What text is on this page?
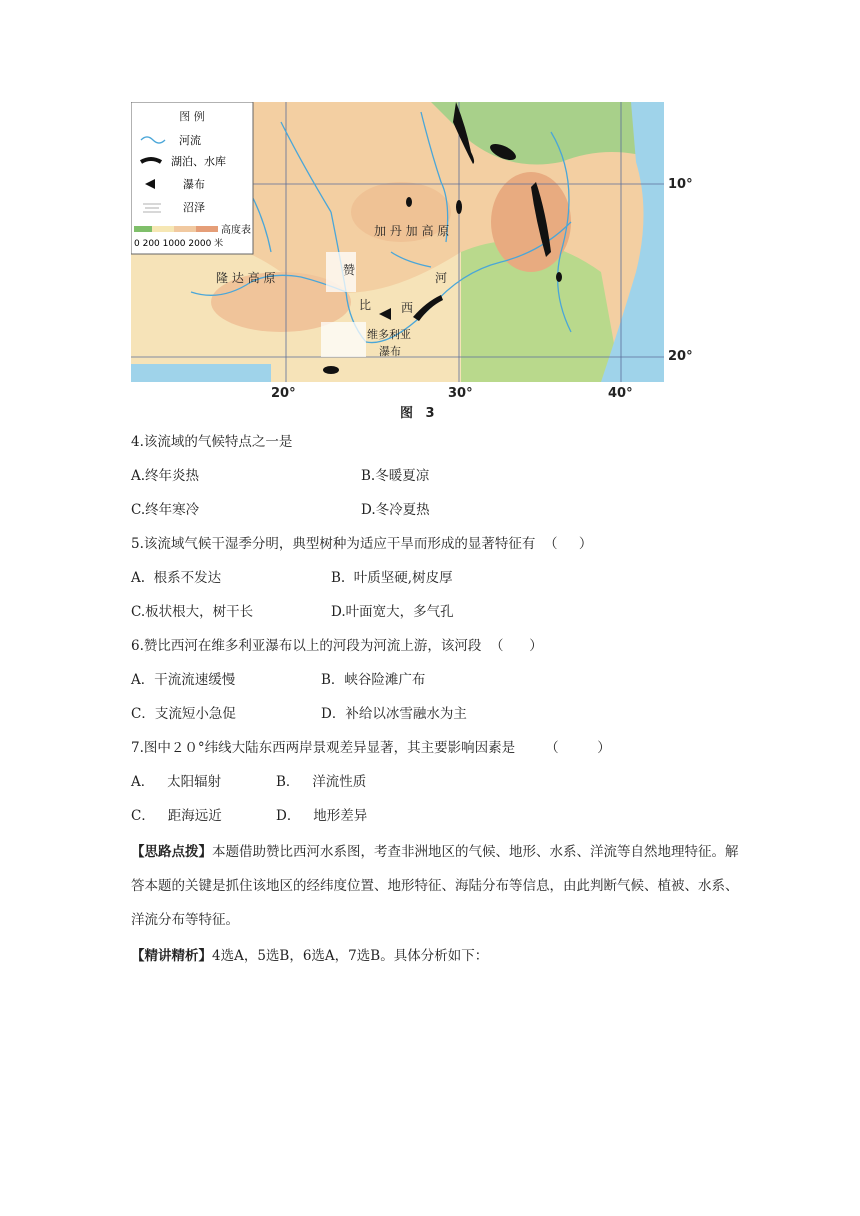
图 例
河流
湖泊、水库
瀑布
沼泽
高度表
0 200 1000 2000 米
加 丹 加 高 原
隆 达 高 原
赞
比 西
河
维多利亚
瀑布
10°
20°
20°	30°	40°
图 3
4.该流域的气候特点之一是
A.终年炎热	B.冬暖夏凉
C.终年寒冷	D.冬冷夏热
5.该流域气候干湿季分明，典型树种为适应干旱而形成的显著特征有  （     ）
A.  根系不发达	B.  叶质坚硬,树皮厚
C.板状根大，树干长	D.叶面宽大，多气孔
6.赞比西河在维多利亚瀑布以上的河段为河流上游，该河段  （      ）
A．干流流速缓慢	B．峡谷险滩广布
C．支流短小急促	D．补给以冰雪融水为主
7.图中２０°纬线大陆东西两岸景观差异显著，其主要影响因素是       （         ）
A．   太阳辐射	B．   洋流性质
C．   距海远近	D．   地形差异
【思路点拨】本题借助赞比西河水系图，考查非洲地区的气候、地形、水系、洋流等自然地理特征。解答本题的关键是抓住该地区的经纬度位置、地形特征、海陆分布等信息，由此判断气候、植被、水系、洋流分布等特征。
【精讲精析】4选A，5选B，6选A，7选B。具体分析如下：
